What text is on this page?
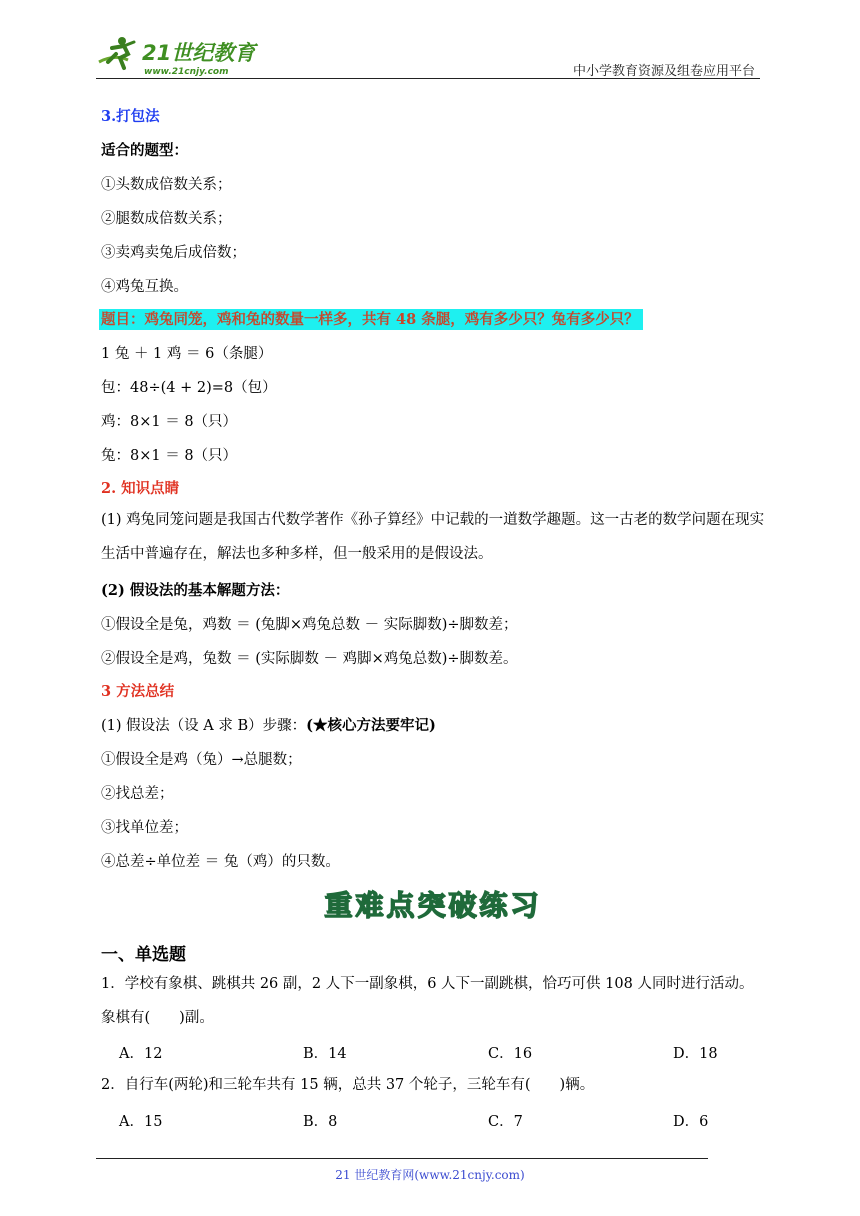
21世纪教育
www.21cnjy.com	中小学教育资源及组卷应用平台
3.打包法
适合的题型：
①头数成倍数关系；
②腿数成倍数关系；
③卖鸡卖兔后成倍数；
④鸡兔互换。
题目：鸡兔同笼，鸡和兔的数量一样多，共有 48 条腿，鸡有多少只？兔有多少只？
1 兔 ＋ 1 鸡 ＝ 6（条腿）
包：48÷(4 + 2)=8（包）
鸡：8×1 ＝ 8（只）
兔：8×1 ＝ 8（只）
2. 知识点睛
(1) 鸡兔同笼问题是我国古代数学著作《孙子算经》中记载的一道数学趣题。这一古老的数学问题在现实生活中普遍存在，解法也多种多样，但一般采用的是假设法。
(2) 假设法的基本解题方法：
①假设全是兔，鸡数 ＝ (兔脚×鸡兔总数 － 实际脚数)÷脚数差；
②假设全是鸡，兔数 ＝ (实际脚数 － 鸡脚×鸡兔总数)÷脚数差。
3 方法总结
(1) 假设法（设 A 求 B）步骤：(★核心方法要牢记)
①假设全是鸡（兔）→总腿数；
②找总差；
③找单位差；
④总差÷单位差 ＝ 兔（鸡）的只数。
重难点突破练习
一、单选题
1．学校有象棋、跳棋共 26 副，2 人下一副象棋，6 人下一副跳棋，恰巧可供 108 人同时进行活动。象棋有(　　)副。
A．12	B．14	C．16	D．18
2．自行车(两轮)和三轮车共有 15 辆，总共 37 个轮子，三轮车有(　　)辆。
A．15	B．8	C．7	D．6
21 世纪教育网(www.21cnjy.com)
